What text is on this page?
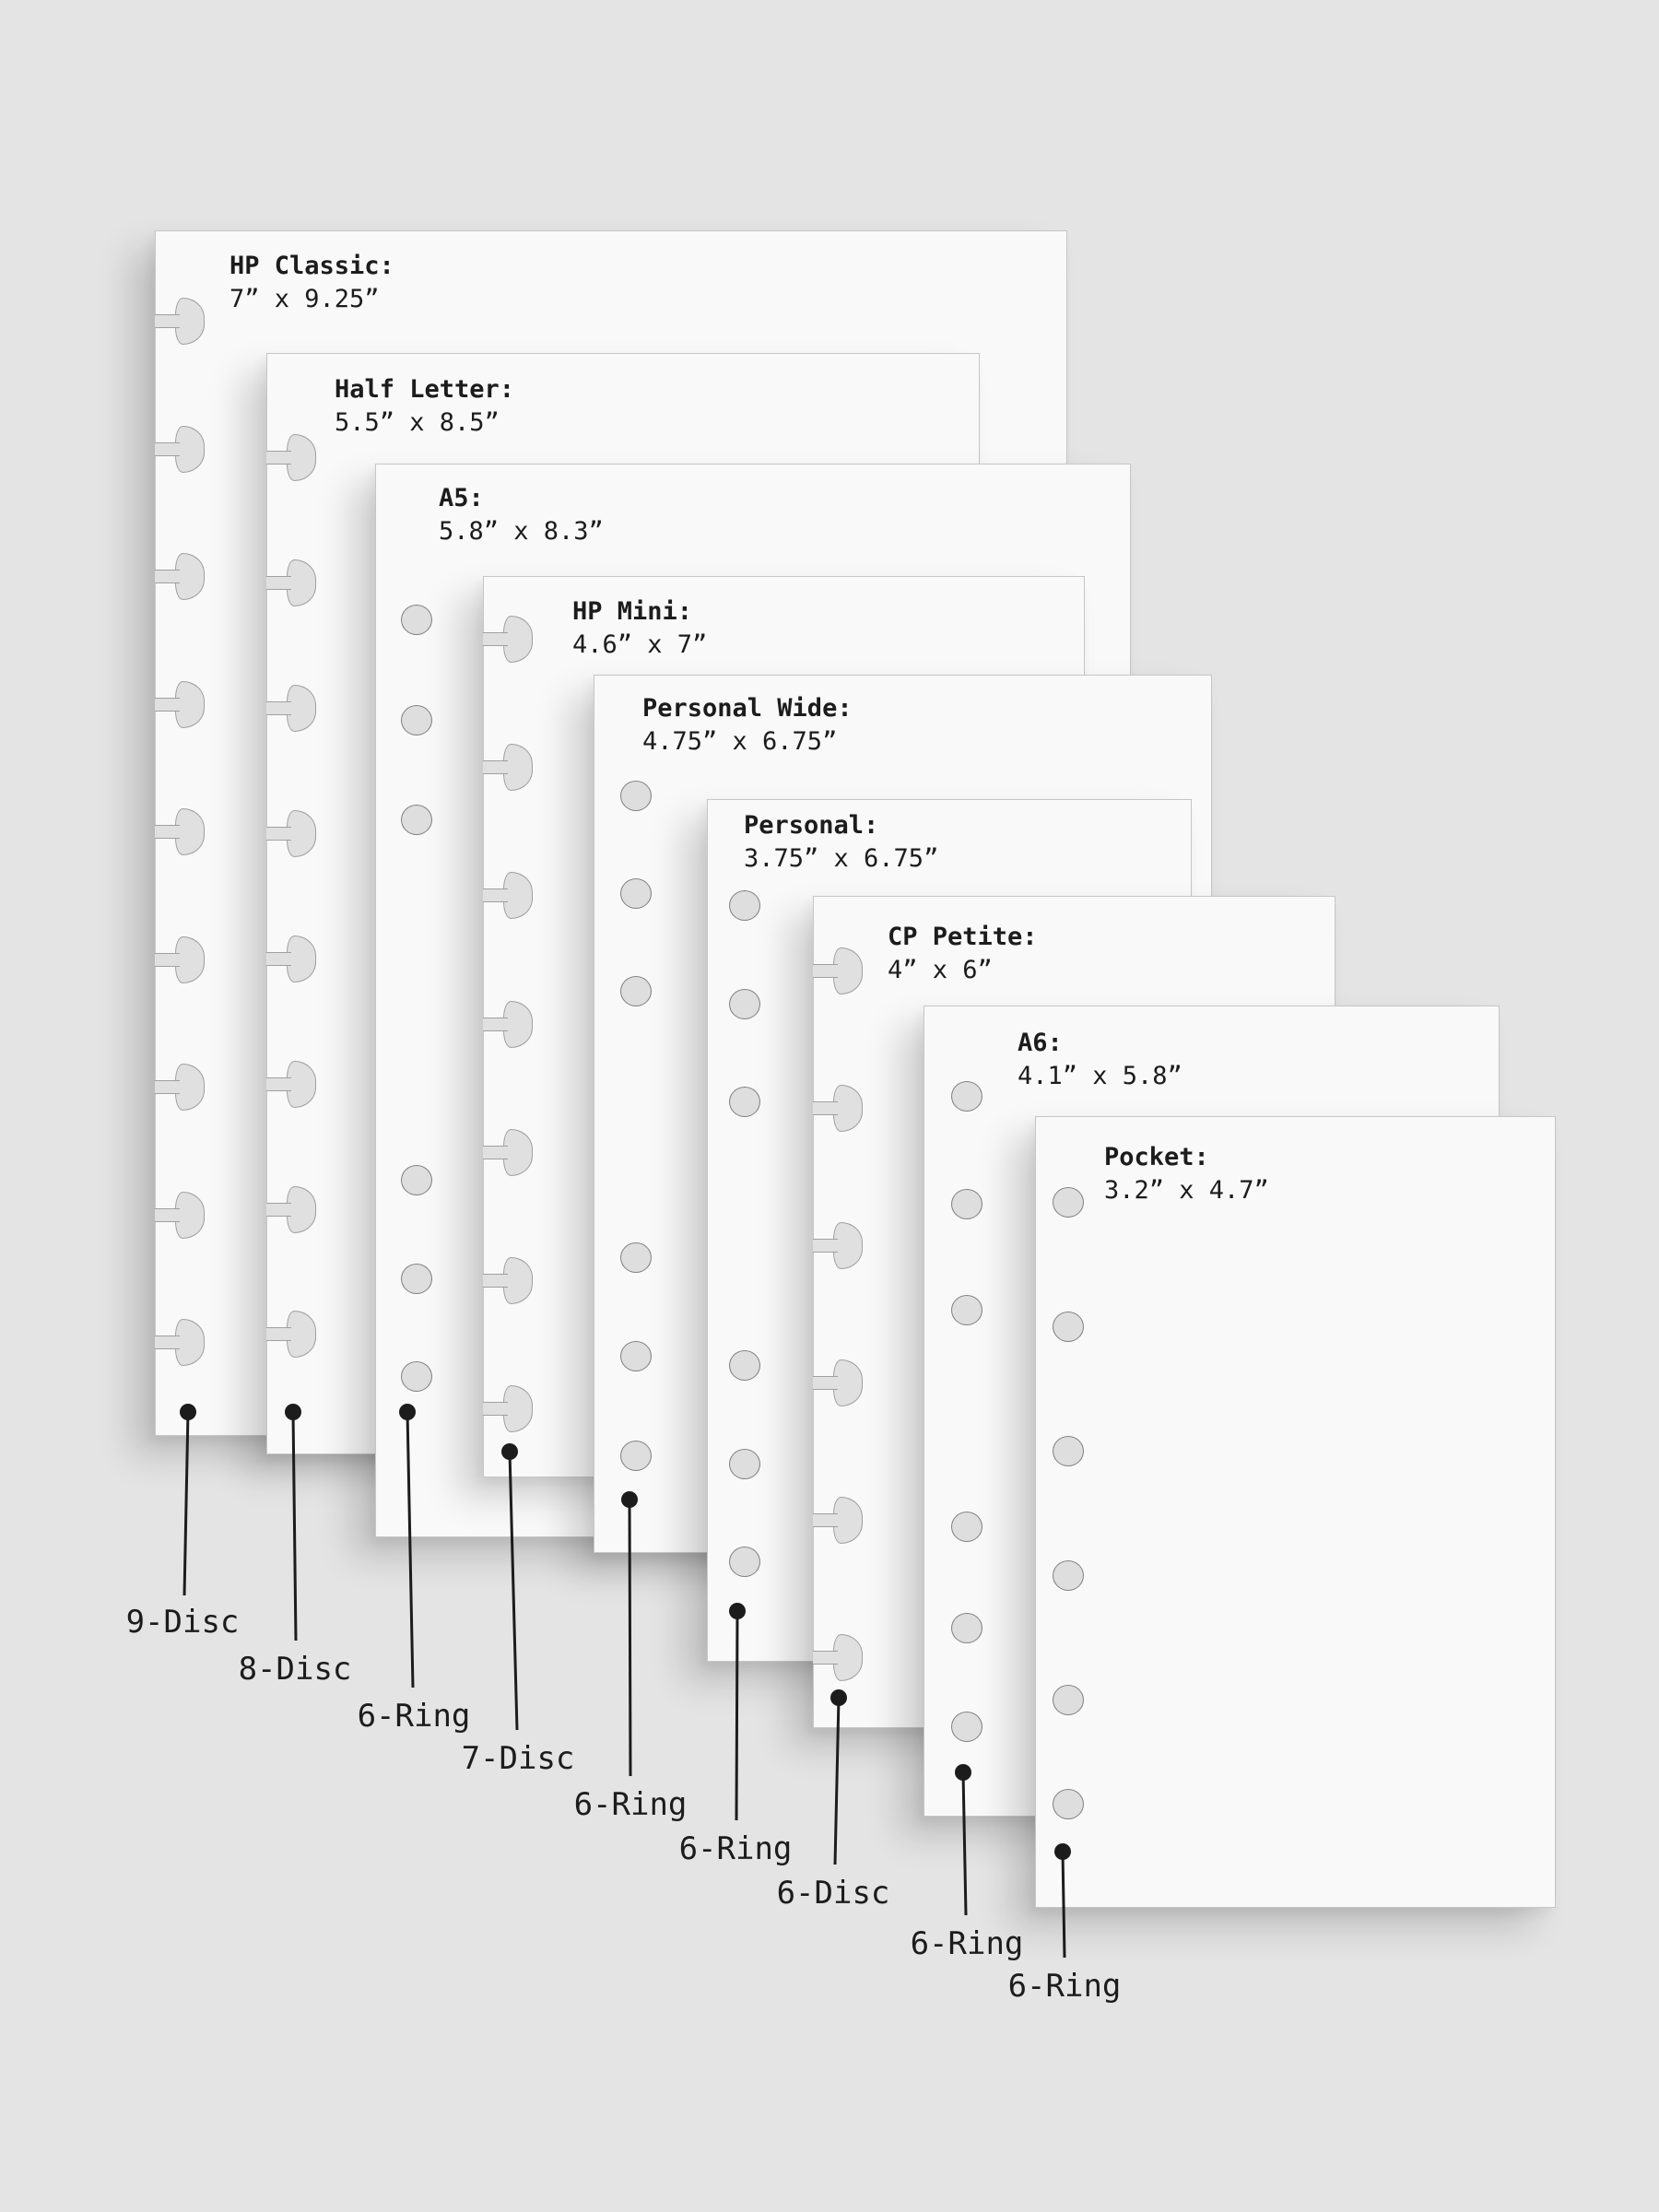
HP Classic:
7” x 9.25”
Half Letter:
5.5” x 8.5”
A5:
5.8” x 8.3”
HP Mini:
4.6” x 7”
Personal Wide:
4.75” x 6.75”
Personal:
3.75” x 6.75”
CP Petite:
4” x 6”
A6:
4.1” x 5.8”
Pocket:
3.2” x 4.7”
9-Disc
8-Disc
6-Ring
7-Disc
6-Ring
6-Ring
6-Disc
6-Ring
6-Ring
